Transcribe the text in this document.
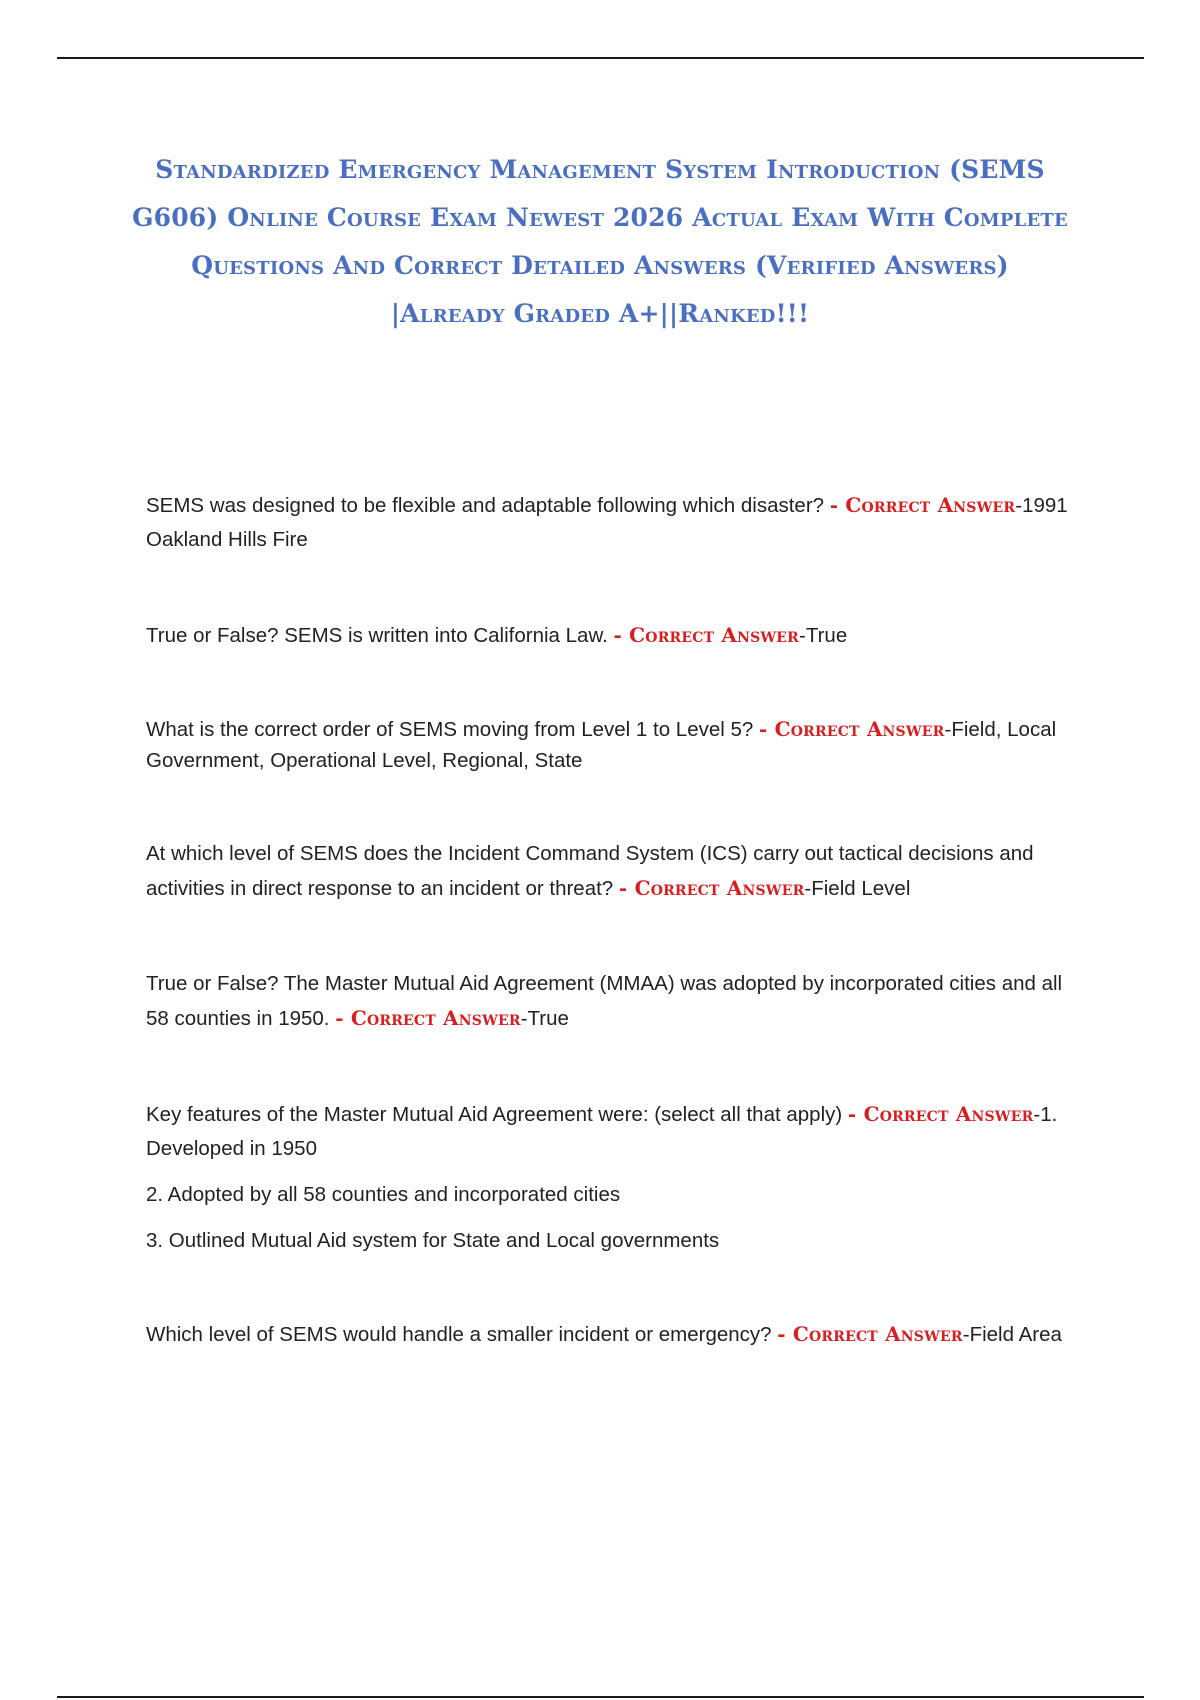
Standardized Emergency Management System Introduction (SEMS G606) Online Course Exam Newest 2026 Actual Exam With Complete Questions And Correct Detailed Answers (Verified Answers) |Already Graded A+||Ranked!!!

SEMS was designed to be flexible and adaptable following which disaster? - Correct Answer-1991 Oakland Hills Fire

True or False? SEMS is written into California Law. - Correct Answer-True

What is the correct order of SEMS moving from Level 1 to Level 5? - Correct Answer-Field, Local Government, Operational Level, Regional, State

At which level of SEMS does the Incident Command System (ICS) carry out tactical decisions and activities in direct response to an incident or threat? - Correct Answer-Field Level

True or False? The Master Mutual Aid Agreement (MMAA) was adopted by incorporated cities and all 58 counties in 1950. - Correct Answer-True

Key features of the Master Mutual Aid Agreement were: (select all that apply) - Correct Answer-1. Developed in 1950

2. Adopted by all 58 counties and incorporated cities

3. Outlined Mutual Aid system for State and Local governments

Which level of SEMS would handle a smaller incident or emergency? - Correct Answer-Field Area
